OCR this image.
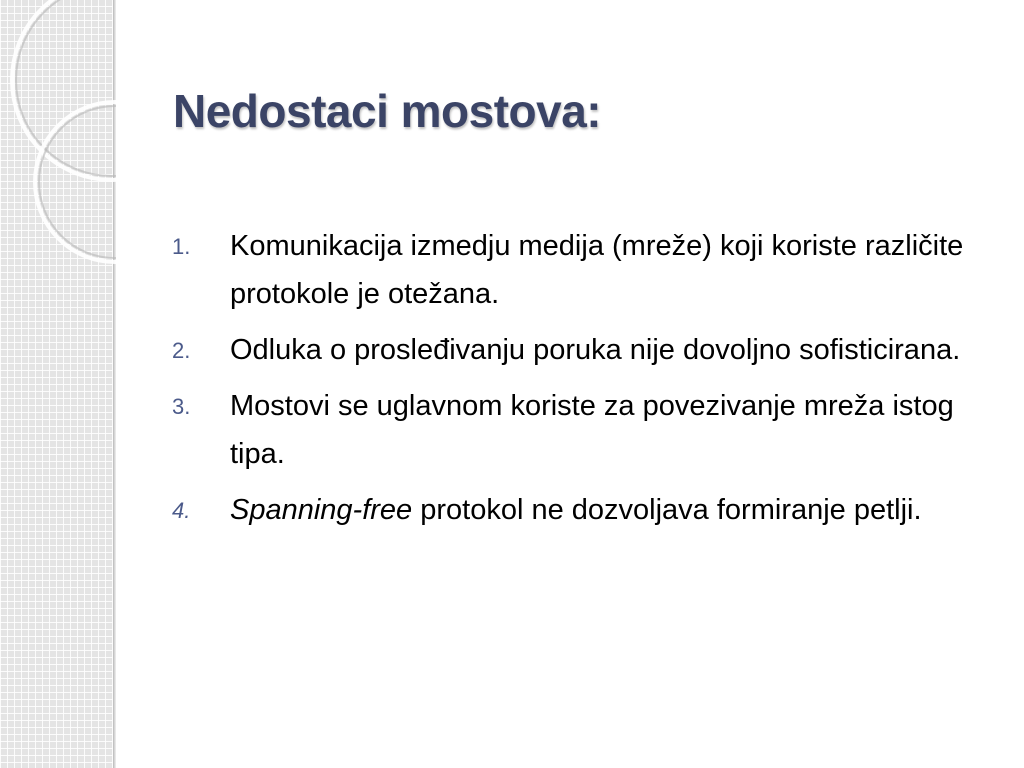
Nedostaci mostova:
1. Komunikacija izmedju medija (mreže) koji koriste različite protokole je otežana.
2. Odluka o prosleđivanju poruka nije dovoljno sofisticirana.
3. Mostovi se uglavnom koriste za povezivanje mreža istog tipa.
4. Spanning-free protokol ne dozvoljava formiranje petlji.
